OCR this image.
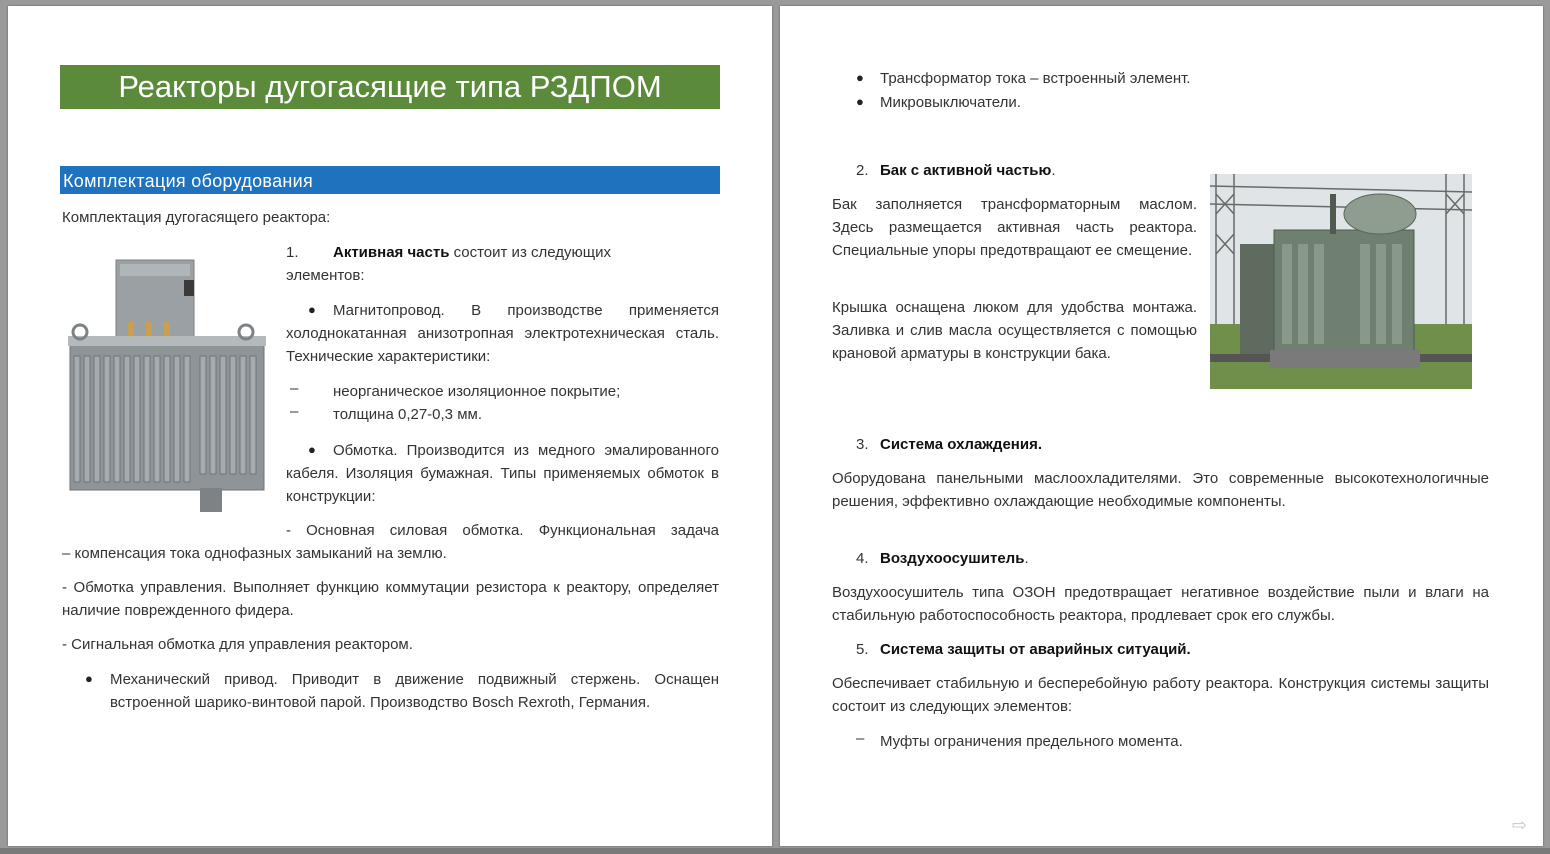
Реакторы дугогасящие типа РЗДПОМ
Комплектация оборудования
Комплектация дугогасящего реактора:
1. Активная часть состоит из следующих
элементов:
●	Магнитопровод. В производстве применяется холоднокатанная анизотропная электротехническая сталь. Технические характеристики:
– неорганическое изоляционное покрытие;
– толщина 0,27-0,3 мм.
●	Обмотка. Производится из медного эмалированного кабеля. Изоляция бумажная. Типы применяемых обмоток в конструкции:
- Основная силовая обмотка. Функциональная задача
– компенсация тока однофазных замыканий на землю.
- Обмотка управления. Выполняет функцию коммутации резистора к реактору, определяет наличие поврежденного фидера.
- Сигнальная обмотка для управления реактором.
● Механический привод. Приводит в движение подвижный стержень. Оснащен встроенной шарико-винтовой парой. Производство Bosch Rexroth, Германия.
● Трансформатор тока – встроенный элемент.
● Микровыключатели.
2. Бак с активной частью.
Бак заполняется трансформаторным маслом. Здесь размещается активная часть реактора. Специальные упоры предотвращают ее смещение.
Крышка оснащена люком для удобства монтажа. Заливка и слив масла осуществляется с помощью крановой арматуры в конструкции бака.
3. Система охлаждения.
Оборудована панельными маслоохладителями. Это современные высокотехнологичные решения, эффективно охлаждающие необходимые компоненты.
4. Воздухоосушитель.
Воздухоосушитель типа ОЗОН предотвращает негативное воздействие пыли и влаги на стабильную работоспособность реактора, продлевает срок его службы.
5. Система защиты от аварийных ситуаций.
Обеспечивает стабильную и бесперебойную работу реактора. Конструкция системы защиты состоит из следующих элементов:
– Муфты ограничения предельного момента.
⇨
